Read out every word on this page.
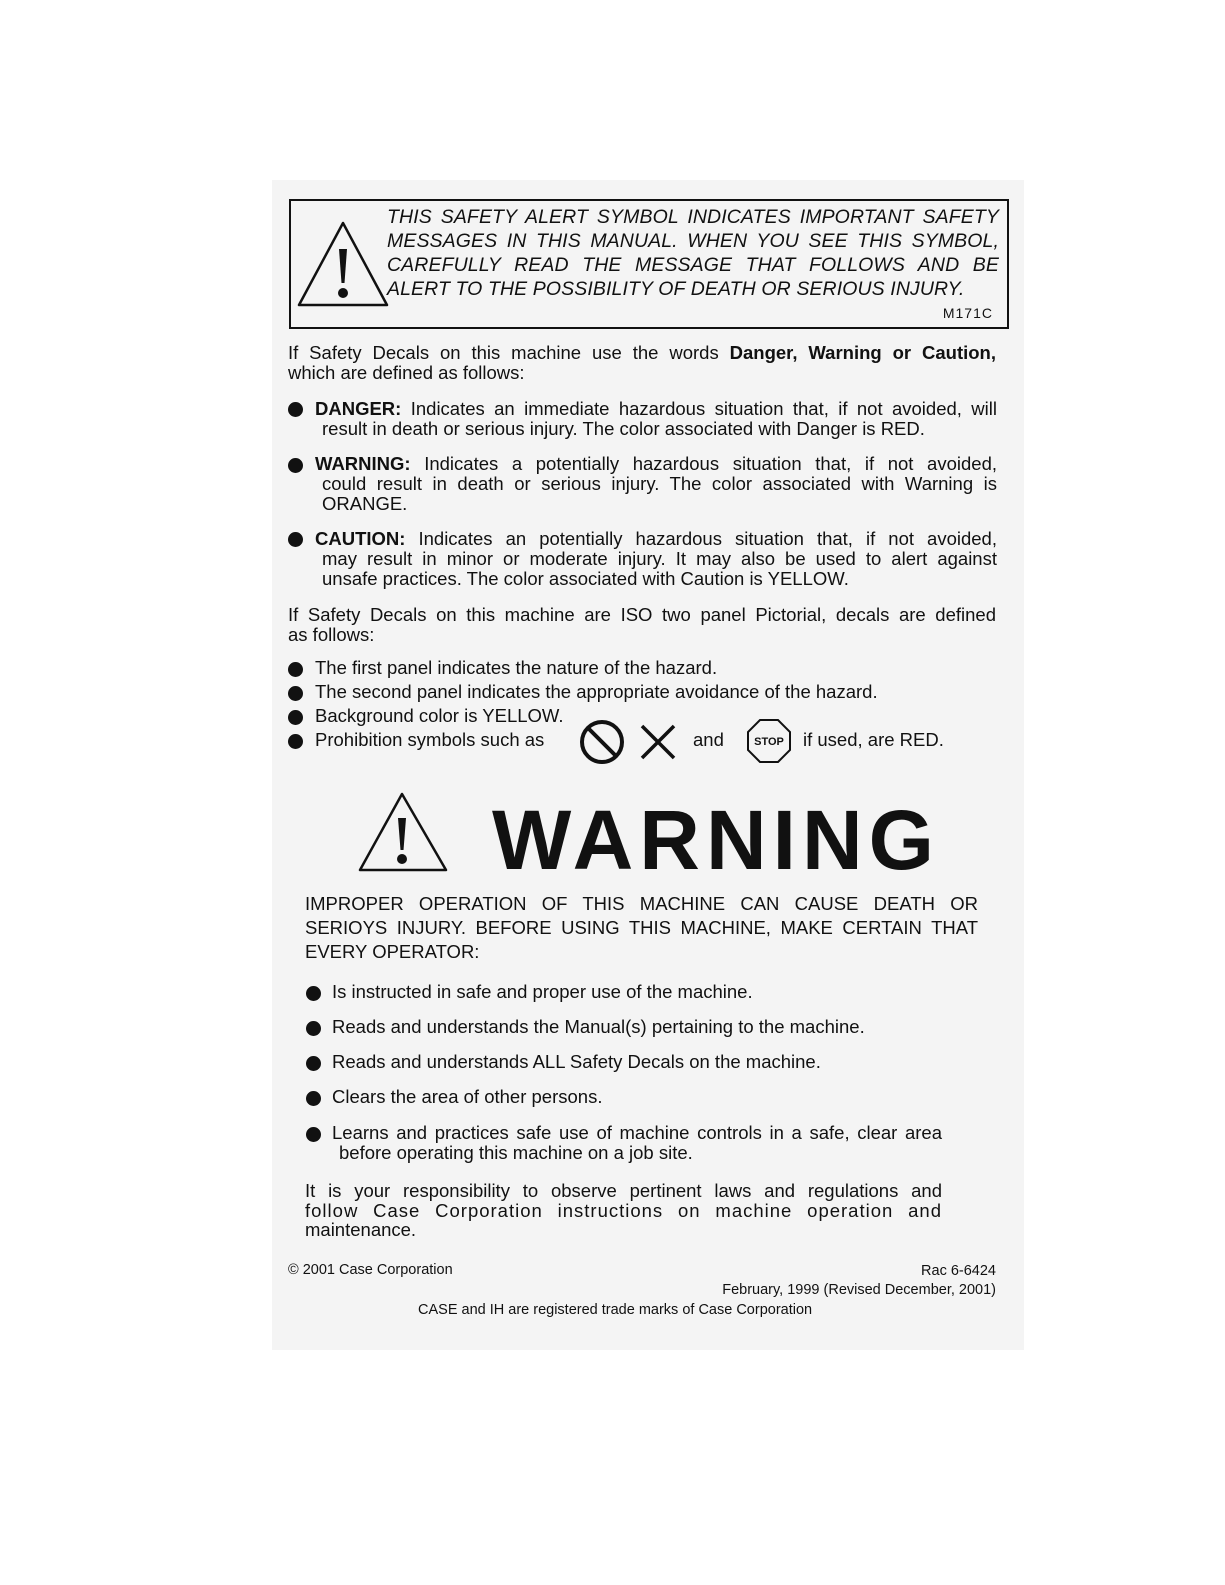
THIS SAFETY ALERT SYMBOL INDICATES IMPORTANT SAFETY
MESSAGES IN THIS MANUAL. WHEN YOU SEE THIS SYMBOL,
CAREFULLY READ THE MESSAGE THAT FOLLOWS AND BE
ALERT TO THE POSSIBILITY OF DEATH OR SERIOUS INJURY.
M171C
If Safety Decals on this machine use the words Danger, Warning or Caution,
which are defined as follows:
DANGER: Indicates an immediate hazardous situation that, if not avoided, will
result in death or serious injury. The color associated with Danger is RED.
WARNING: Indicates a potentially hazardous situation that, if not avoided,
could result in death or serious injury. The color associated with Warning is
ORANGE.
CAUTION: Indicates an potentially hazardous situation that, if not avoided,
may result in minor or moderate injury. It may also be used to alert against
unsafe practices. The color associated with Caution is YELLOW.
If Safety Decals on this machine are ISO two panel Pictorial, decals are defined
as follows:
The first panel indicates the nature of the hazard.
The second panel indicates the appropriate avoidance of the hazard.
Background color is YELLOW.
Prohibition symbols such as	and	STOP if used, are RED.
WARNING
IMPROPER OPERATION OF THIS MACHINE CAN CAUSE DEATH OR
SERIOYS INJURY. BEFORE USING THIS MACHINE, MAKE CERTAIN THAT
EVERY OPERATOR:
Is instructed in safe and proper use of the machine.
Reads and understands the Manual(s) pertaining to the machine.
Reads and understands ALL Safety Decals on the machine.
Clears the area of other persons.
Learns and practices safe use of machine controls in a safe, clear area
before operating this machine on a job site.
It is your responsibility to observe pertinent laws and regulations and
follow Case Corporation instructions on machine operation and
maintenance.
© 2001 Case Corporation	Rac 6-6424
February, 1999 (Revised December, 2001)
CASE and IH are registered trade marks of Case Corporation
